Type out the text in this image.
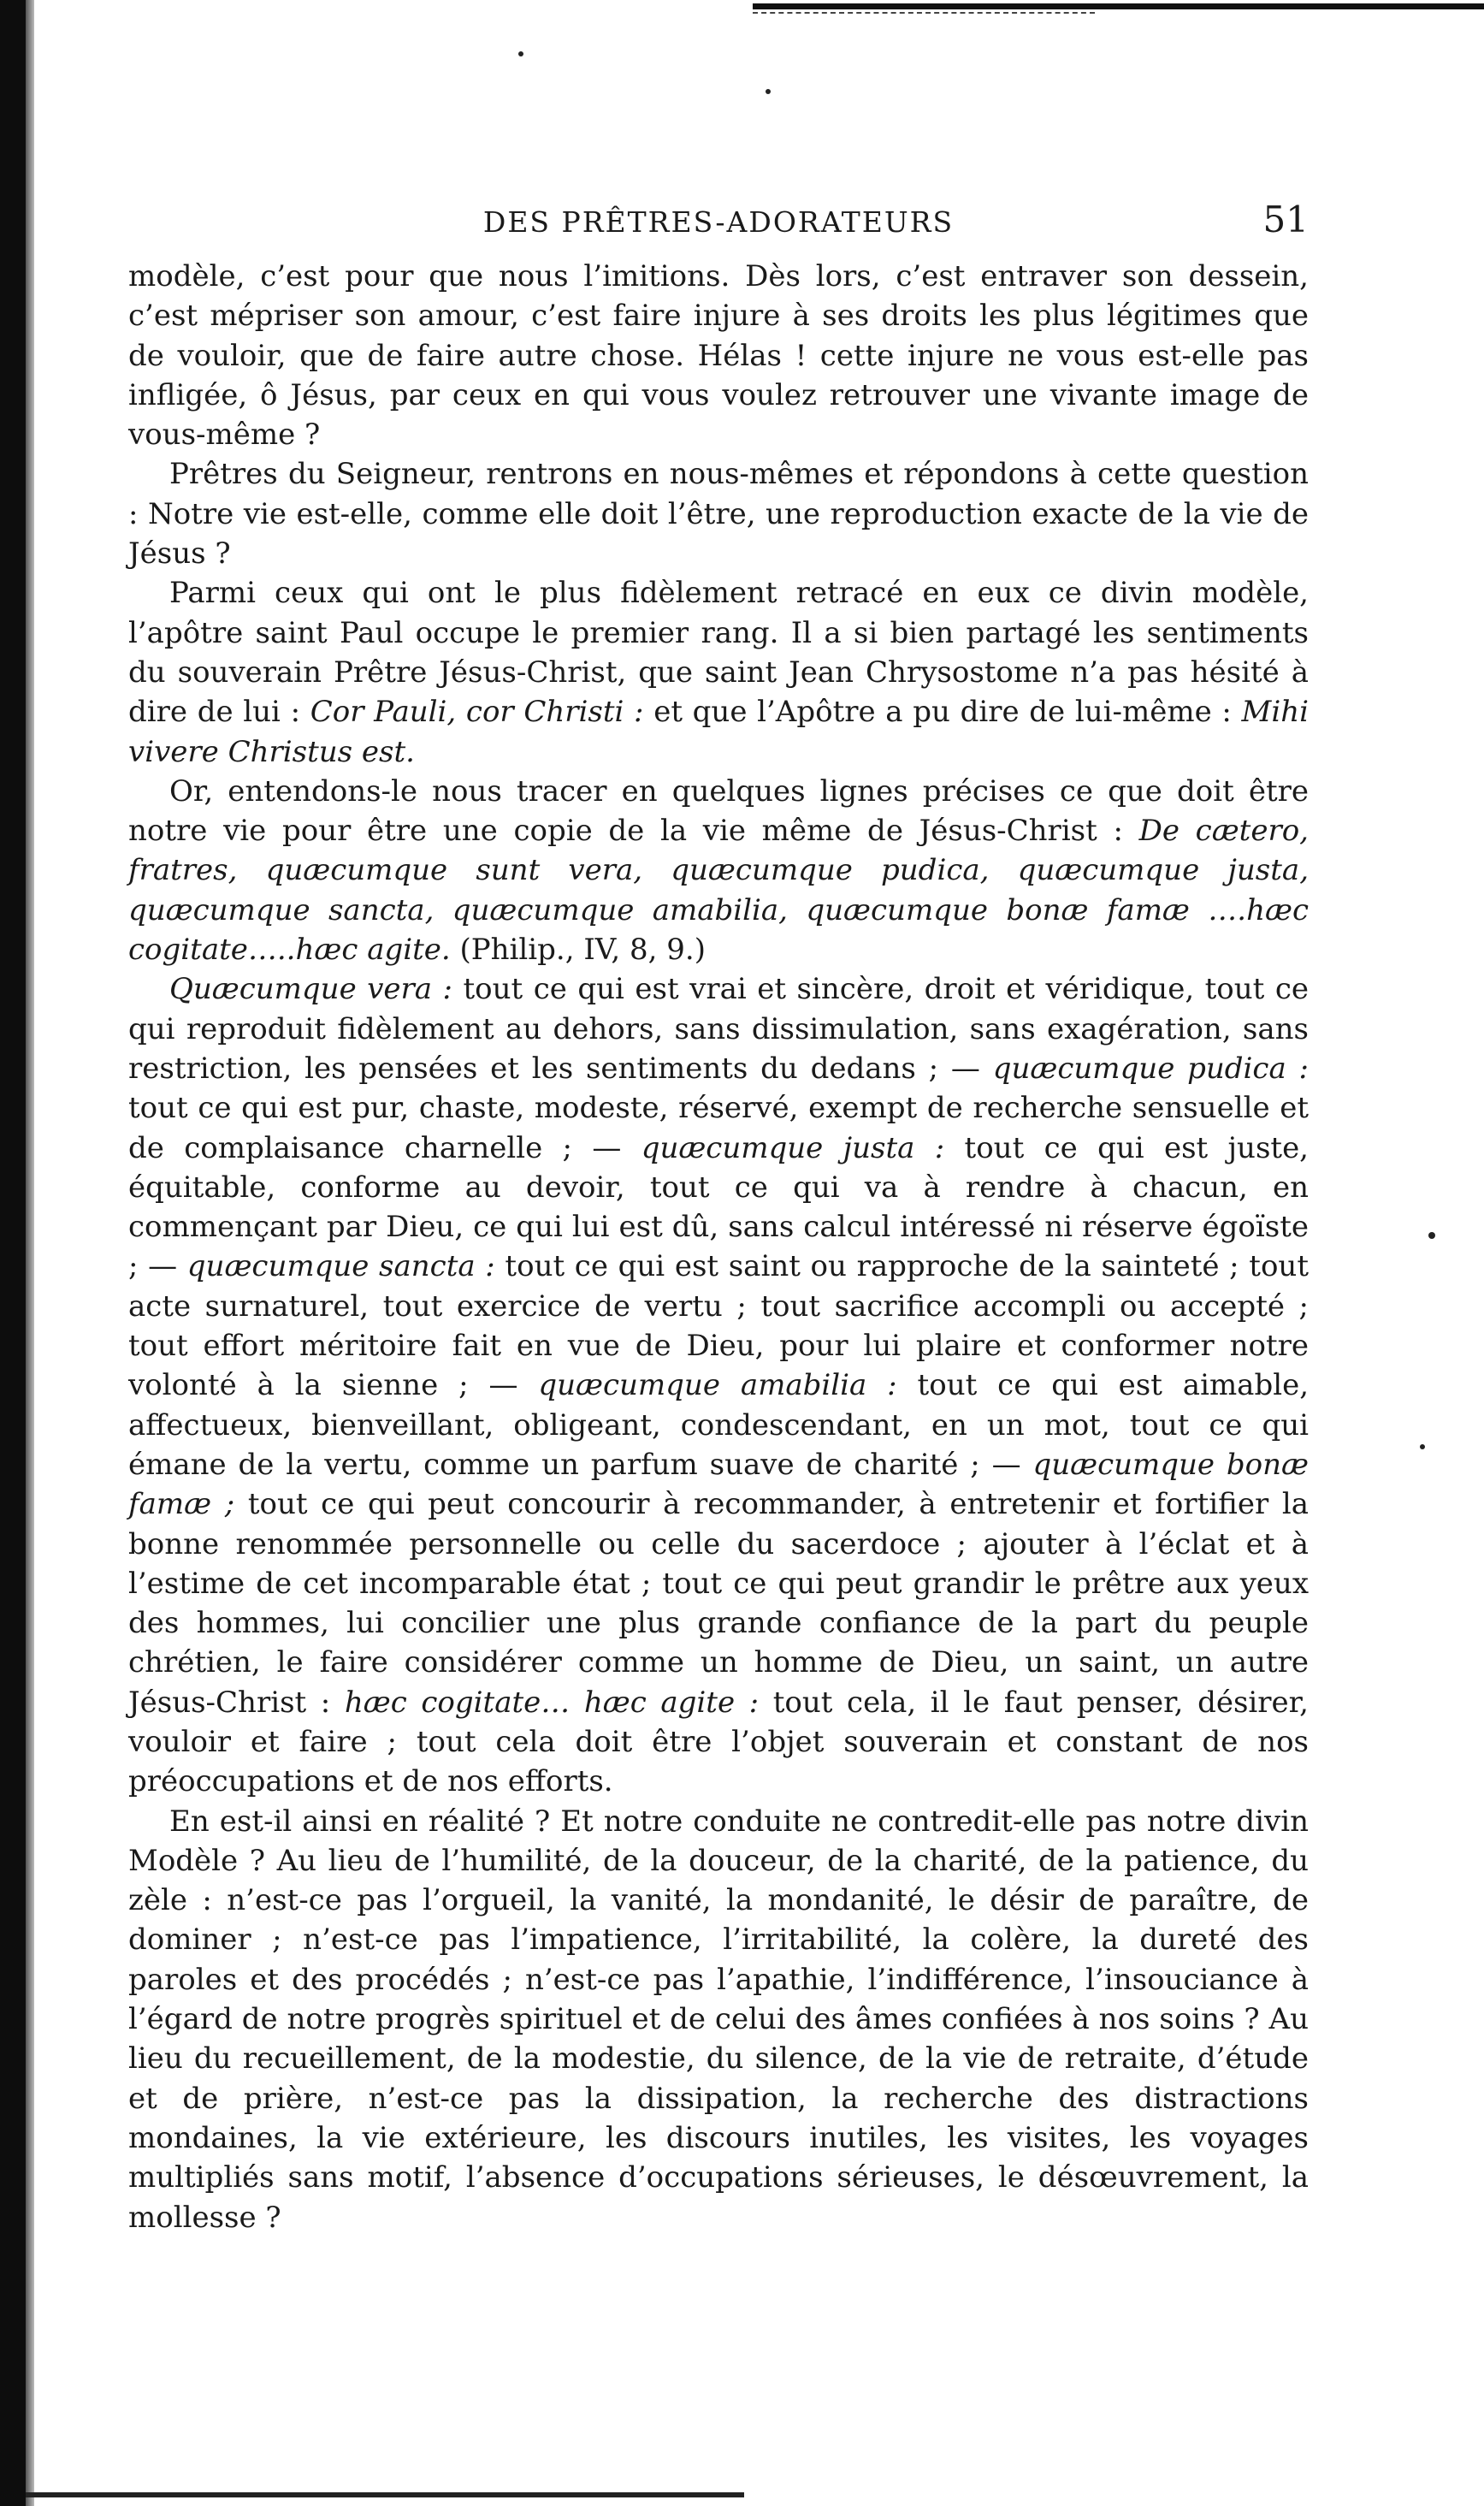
DES PRÊTRES-ADORATEURS	51

modèle, c’est pour que nous l’imitions. Dès lors, c’est entraver son dessein, c’est mépriser son amour, c’est faire injure à ses droits les plus légitimes que de vouloir, que de faire autre chose. Hélas ! cette injure ne vous est-elle pas infligée, ô Jésus, par ceux en qui vous voulez retrouver une vivante image de vous-même ?

Prêtres du Seigneur, rentrons en nous-mêmes et répondons à cette question : Notre vie est-elle, comme elle doit l’être, une reproduction exacte de la vie de Jésus ?

Parmi ceux qui ont le plus fidèlement retracé en eux ce divin modèle, l’apôtre saint Paul occupe le premier rang. Il a si bien partagé les sentiments du souverain Prêtre Jésus-Christ, que saint Jean Chrysostome n’a pas hésité à dire de lui : Cor Pauli, cor Christi : et que l’Apôtre a pu dire de lui-même : Mihi vivere Christus est.

Or, entendons-le nous tracer en quelques lignes précises ce que doit être notre vie pour être une copie de la vie même de Jésus-Christ : De cætero, fratres, quæcumque sunt vera, quæcumque pudica, quæcumque justa, quæcumque sancta, quæcumque amabilia, quæcumque bonæ famæ ….hæc cogitate…..hæc agite. (Philip., IV, 8, 9.)

Quæcumque vera : tout ce qui est vrai et sincère, droit et véridique, tout ce qui reproduit fidèlement au dehors, sans dissimulation, sans exagération, sans restriction, les pensées et les sentiments du dedans ; — quæcumque pudica : tout ce qui est pur, chaste, modeste, réservé, exempt de recherche sensuelle et de complaisance charnelle ; — quæcumque justa : tout ce qui est juste, équitable, conforme au devoir, tout ce qui va à rendre à chacun, en commençant par Dieu, ce qui lui est dû, sans calcul intéressé ni réserve égoïste ; — quæcumque sancta : tout ce qui est saint ou rapproche de la sainteté ; tout acte surnaturel, tout exercice de vertu ; tout sacrifice accompli ou accepté ; tout effort méritoire fait en vue de Dieu, pour lui plaire et conformer notre volonté à la sienne ; — quæcumque amabilia : tout ce qui est aimable, affectueux, bienveillant, obligeant, condescendant, en un mot, tout ce qui émane de la vertu, comme un parfum suave de charité ; — quæcumque bonæ famæ ; tout ce qui peut concourir à recommander, à entretenir et fortifier la bonne renommée personnelle ou celle du sacerdoce ; ajouter à l’éclat et à l’estime de cet incomparable état ; tout ce qui peut grandir le prêtre aux yeux des hommes, lui concilier une plus grande confiance de la part du peuple chrétien, le faire considérer comme un homme de Dieu, un saint, un autre Jésus-Christ : hæc cogitate… hæc agite : tout cela, il le faut penser, désirer, vouloir et faire ; tout cela doit être l’objet souverain et constant de nos préoccupations et de nos efforts.

En est-il ainsi en réalité ? Et notre conduite ne contredit-elle pas notre divin Modèle ? Au lieu de l’humilité, de la douceur, de la charité, de la patience, du zèle : n’est-ce pas l’orgueil, la vanité, la mondanité, le désir de paraître, de dominer ; n’est-ce pas l’impatience, l’irritabilité, la colère, la dureté des paroles et des procédés ; n’est-ce pas l’apathie, l’indifférence, l’insouciance à l’égard de notre progrès spirituel et de celui des âmes confiées à nos soins ? Au lieu du recueillement, de la modestie, du silence, de la vie de retraite, d’étude et de prière, n’est-ce pas la dissipation, la recherche des distractions mondaines, la vie extérieure, les discours inutiles, les visites, les voyages multipliés sans motif, l’absence d’occupations sérieuses, le désœuvrement, la mollesse ?
